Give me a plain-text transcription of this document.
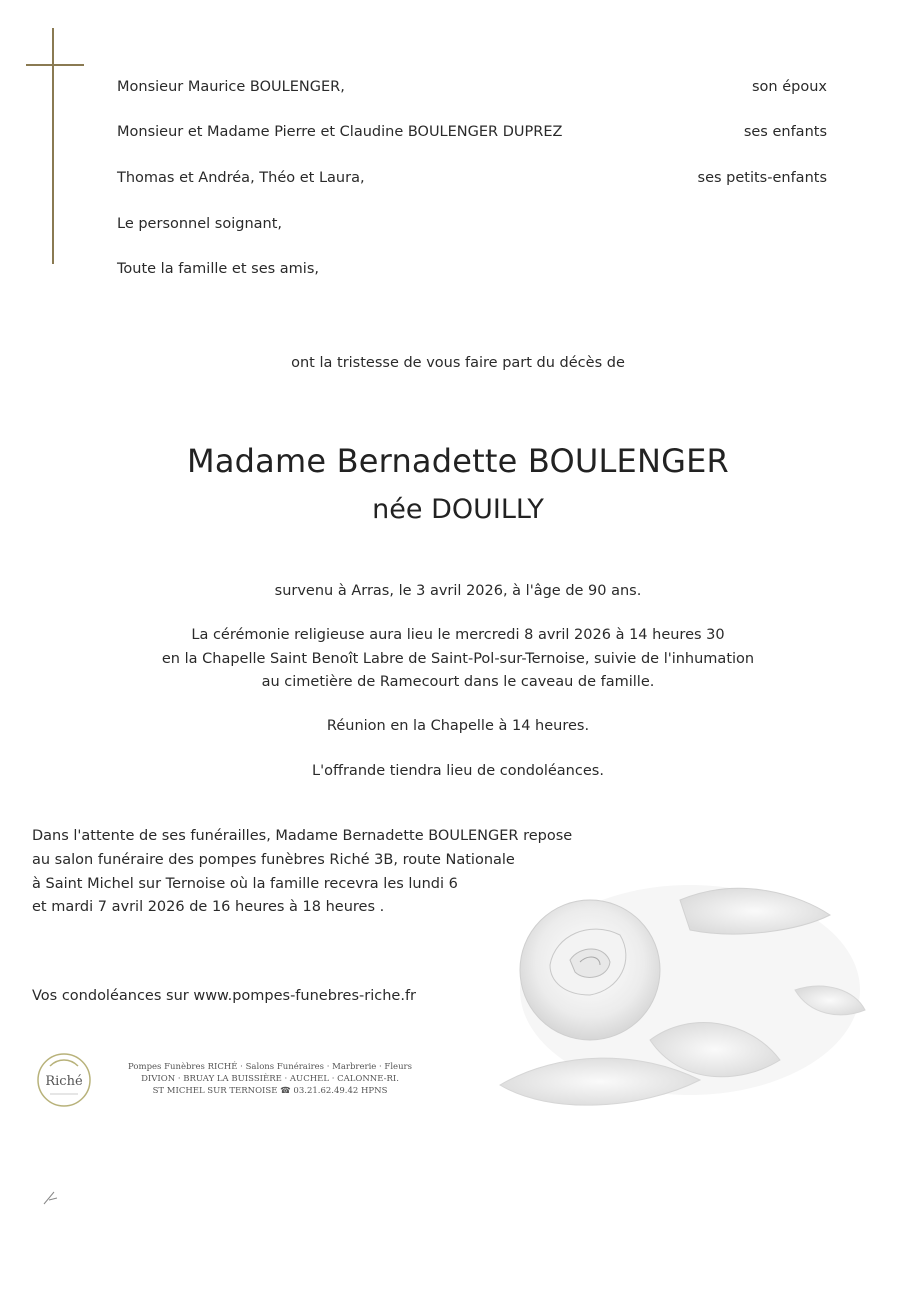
Monsieur Maurice BOULENGER,	son époux
Monsieur et Madame Pierre et Claudine BOULENGER DUPREZ	ses enfants
Thomas et Andréa, Théo et Laura,	ses petits-enfants
Le personnel soignant,
Toute la famille et ses amis,
ont la tristesse de vous faire part du décès de
Madame Bernadette BOULENGER
née DOUILLY
survenu à Arras, le 3 avril 2026, à l'âge de 90 ans.
La cérémonie religieuse aura lieu le mercredi 8 avril 2026 à 14 heures 30
en la Chapelle Saint Benoît Labre de Saint-Pol-sur-Ternoise, suivie de l'inhumation
au cimetière de Ramecourt dans le caveau de famille.
Réunion en la Chapelle à 14 heures.
L'offrande tiendra lieu de condoléances.
Dans l'attente de ses funérailles, Madame Bernadette BOULENGER repose
au salon funéraire des pompes funèbres Riché 3B, route Nationale
à Saint Michel sur Ternoise où la famille recevra les lundi 6
et mardi 7 avril 2026 de 16 heures à 18 heures .
Vos condoléances sur www.pompes-funebres-riche.fr
Riché
Pompes Funèbres RICHÉ · Salons Funéraires · Marbrerie · Fleurs
DIVION · BRUAY LA BUISSIÈRE · AUCHEL · CALONNE-RI.
ST MICHEL SUR TERNOISE ☎ 03.21.62.49.42 HPNS
